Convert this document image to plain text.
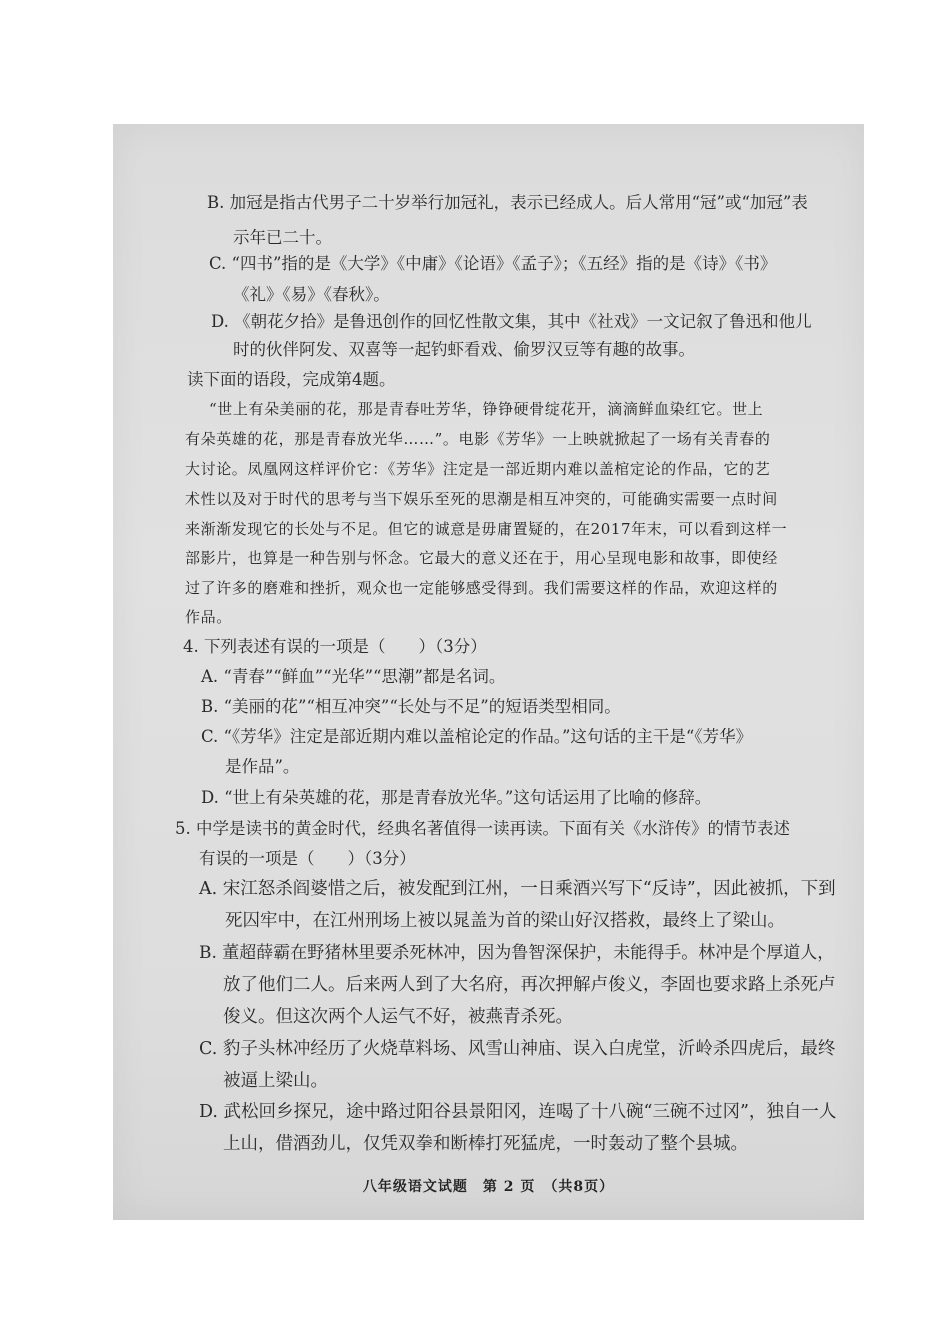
B. 加冠是指古代男子二十岁举行加冠礼，表示已经成人。后人常用“冠”或“加冠”表
示年已二十。
C. “四书”指的是《大学》《中庸》《论语》《孟子》；《五经》指的是《诗》《书》
《礼》《易》《春秋》。
D. 《朝花夕拾》是鲁迅创作的回忆性散文集，其中《社戏》一文记叙了鲁迅和他儿
时的伙伴阿发、双喜等一起钓虾看戏、偷罗汉豆等有趣的故事。
读下面的语段，完成第4题。
“世上有朵美丽的花，那是青春吐芳华，铮铮硬骨绽花开，滴滴鲜血染红它。世上
有朵英雄的花，那是青春放光华……”。电影《芳华》一上映就掀起了一场有关青春的
大讨论。凤凰网这样评价它：《芳华》注定是一部近期内难以盖棺定论的作品，它的艺
术性以及对于时代的思考与当下娱乐至死的思潮是相互冲突的，可能确实需要一点时间
来渐渐发现它的长处与不足。但它的诚意是毋庸置疑的，在2017年末，可以看到这样一
部影片，也算是一种告别与怀念。它最大的意义还在于，用心呈现电影和故事，即使经
过了许多的磨难和挫折，观众也一定能够感受得到。我们需要这样的作品，欢迎这样的
作品。
4. 下列表述有误的一项是（　　）（3分）
A. “青春”“鲜血”“光华”“思潮”都是名词。
B. “美丽的花”“相互冲突”“长处与不足”的短语类型相同。
C. “《芳华》注定是部近期内难以盖棺论定的作品。”这句话的主干是“《芳华》
是作品”。
D. “世上有朵英雄的花，那是青春放光华。”这句话运用了比喻的修辞。
5. 中学是读书的黄金时代，经典名著值得一读再读。下面有关《水浒传》的情节表述
有误的一项是（　　）（3分）
A. 宋江怒杀阎婆惜之后，被发配到江州，一日乘酒兴写下“反诗”，因此被抓，下到
死囚牢中，在江州刑场上被以晁盖为首的梁山好汉搭救，最终上了梁山。
B. 董超薛霸在野猪林里要杀死林冲，因为鲁智深保护，未能得手。林冲是个厚道人，
放了他们二人。后来两人到了大名府，再次押解卢俊义，李固也要求路上杀死卢
俊义。但这次两个人运气不好，被燕青杀死。
C. 豹子头林冲经历了火烧草料场、风雪山神庙、误入白虎堂，沂岭杀四虎后，最终
被逼上梁山。
D. 武松回乡探兄，途中路过阳谷县景阳冈，连喝了十八碗“三碗不过冈”，独自一人
上山，借酒劲儿，仅凭双拳和断棒打死猛虎，一时轰动了整个县城。
八年级语文试题　第 2 页　（共8页）
